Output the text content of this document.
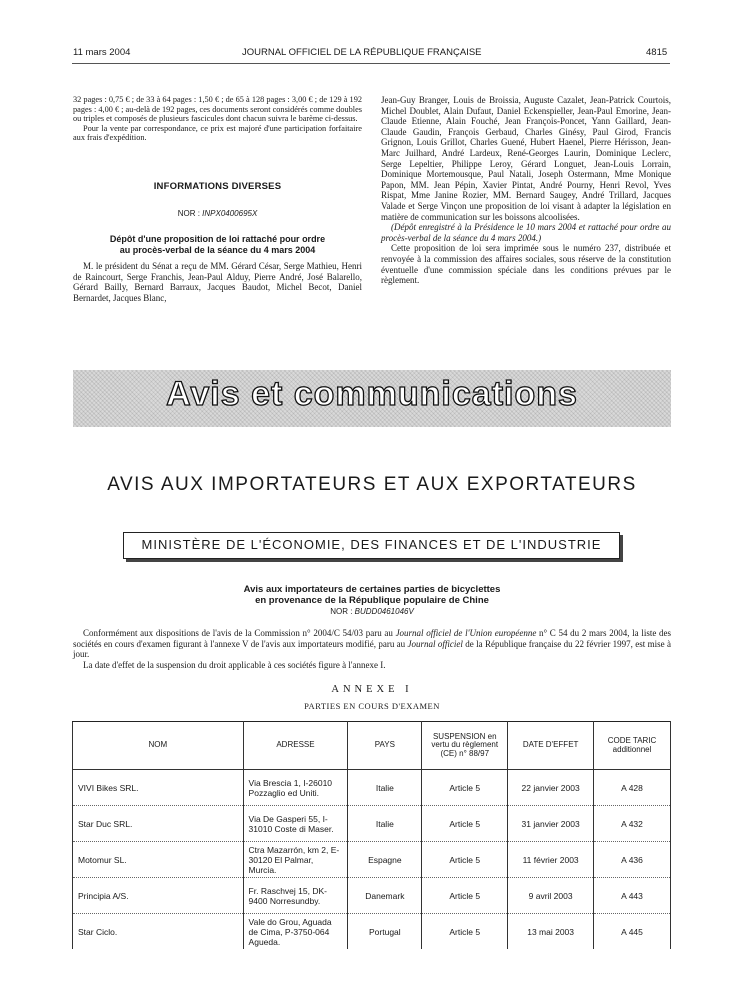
11 mars 2004	JOURNAL OFFICIEL DE LA RÉPUBLIQUE FRANÇAISE	4815

32 pages : 0,75 € ; de 33 à 64 pages : 1,50 € ; de 65 à 128 pages : 3,00 € ; de 129 à 192 pages : 4,00 € ; au-delà de 192 pages, ces documents seront considérés comme doubles ou triples et composés de plusieurs fascicules dont chacun suivra le barème ci-dessus.

Pour la vente par correspondance, ce prix est majoré d'une participation forfaitaire aux frais d'expédition.

INFORMATIONS DIVERSES
NOR : INPX0400695X
Dépôt d'une proposition de loi rattaché pour ordre
au procès-verbal de la séance du 4 mars 2004

M. le président du Sénat a reçu de MM. Gérard César, Serge Mathieu, Henri de Raincourt, Serge Franchis, Jean-Paul Alduy, Pierre André, José Balarello, Gérard Bailly, Bernard Barraux, Jacques Baudot, Michel Becot, Daniel Bernardet, Jacques Blanc,

Jean-Guy Branger, Louis de Broissia, Auguste Cazalet, Jean-Patrick Courtois, Michel Doublet, Alain Dufaut, Daniel Eckenspieller, Jean-Paul Emorine, Jean-Claude Etienne, Alain Fouché, Jean François-Poncet, Yann Gaillard, Jean-Claude Gaudin, François Gerbaud, Charles Ginésy, Paul Girod, Francis Grignon, Louis Grillot, Charles Guené, Hubert Haenel, Pierre Hérisson, Jean-Marc Juilhard, André Lardeux, René-Georges Laurin, Dominique Leclerc, Serge Lepeltier, Philippe Leroy, Gérard Longuet, Jean-Louis Lorrain, Dominique Mortemousque, Paul Natali, Joseph Ostermann, Mme Monique Papon, MM. Jean Pépin, Xavier Pintat, André Pourny, Henri Revol, Yves Rispat, Mme Janine Rozier, MM. Bernard Saugey, André Trillard, Jacques Valade et Serge Vinçon une proposition de loi visant à adapter la législation en matière de communication sur les boissons alcoolisées.

(Dépôt enregistré à la Présidence le 10 mars 2004 et rattaché pour ordre au procès-verbal de la séance du 4 mars 2004.)

Cette proposition de loi sera imprimée sous le numéro 237, distribuée et renvoyée à la commission des affaires sociales, sous réserve de la constitution éventuelle d'une commission spéciale dans les conditions prévues par le règlement.

Avis et communications
AVIS AUX IMPORTATEURS ET AUX EXPORTATEURS
MINISTÈRE DE L'ÉCONOMIE, DES FINANCES ET DE L'INDUSTRIE
Avis aux importateurs de certaines parties de bicyclettes
en provenance de la République populaire de Chine
NOR : BUDD0461046V

Conformément aux dispositions de l'avis de la Commission n° 2004/C 54/03 paru au Journal officiel de l'Union européenne n° C 54 du 2 mars 2004, la liste des sociétés en cours d'examen figurant à l'annexe V de l'avis aux importateurs modifié, paru au Journal officiel de la République française du 22 février 1997, est mise à jour.

La date d'effet de la suspension du droit applicable à ces sociétés figure à l'annexe I.

ANNEXE I
PARTIES EN COURS D'EXAMEN
NOM	ADRESSE	PAYS	SUSPENSION en vertu du règlement (CE) n° 88/97	DATE D'EFFET	CODE TARIC additionnel
VIVI Bikes SRL.	Via Brescia 1, I-26010 Pozzaglio ed Uniti.	Italie	Article 5	22 janvier 2003	A 428
Star Duc SRL.	Via De Gasperi 55, I-31010 Coste di Maser.	Italie	Article 5	31 janvier 2003	A 432
Motomur SL.	Ctra Mazarrón, km 2, E-30120 El Palmar, Murcia.	Espagne	Article 5	11 février 2003	A 436
Principia A/S.	Fr. Raschvej 15, DK-9400 Norresundby.	Danemark	Article 5	9 avril 2003	A 443
Star Ciclo.	Vale do Grou, Aguada de Cima, P-3750-064 Agueda.	Portugal	Article 5	13 mai 2003	A 445
